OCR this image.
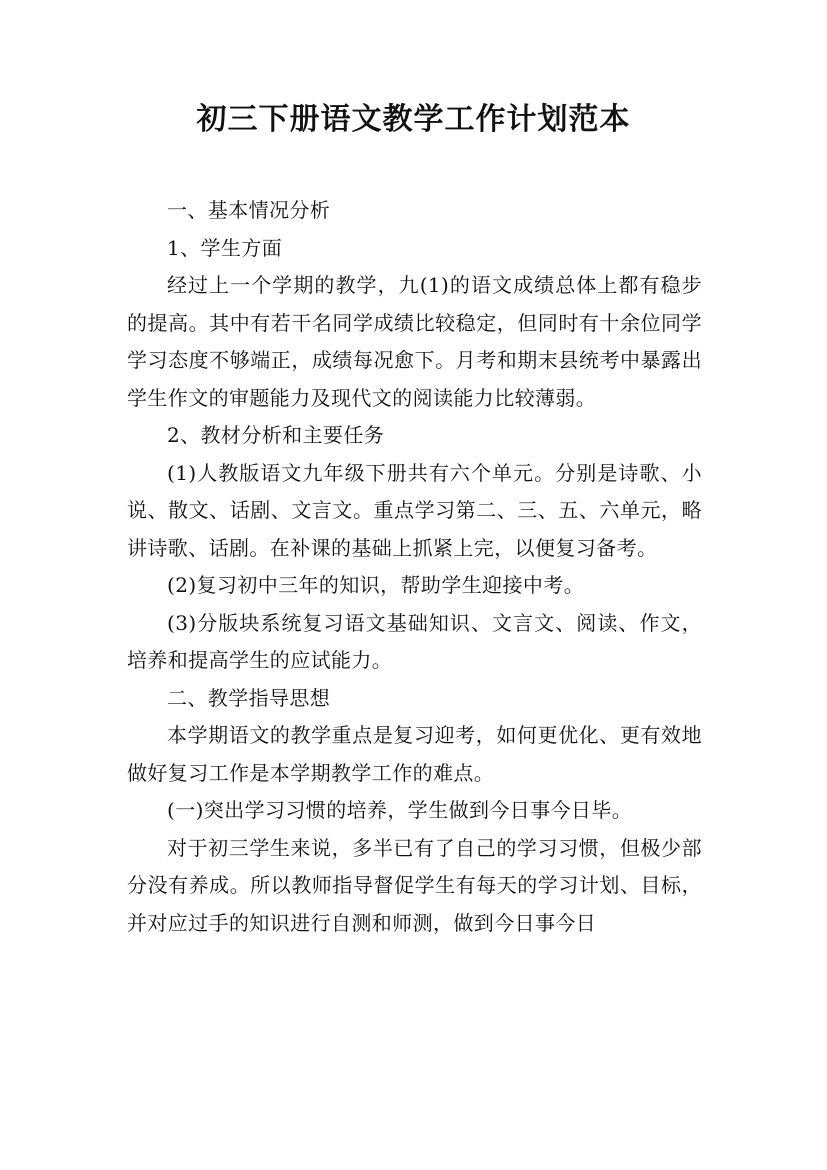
初三下册语文教学工作计划范本

一、基本情况分析

1、学生方面

经过上一个学期的教学，九(1)的语文成绩总体上都有稳步的提高。其中有若干名同学成绩比较稳定，但同时有十余位同学学习态度不够端正，成绩每况愈下。月考和期末县统考中暴露出学生作文的审题能力及现代文的阅读能力比较薄弱。

2、教材分析和主要任务

(1)人教版语文九年级下册共有六个单元。分别是诗歌、小说、散文、话剧、文言文。重点学习第二、三、五、六单元，略讲诗歌、话剧。在补课的基础上抓紧上完，以便复习备考。

(2)复习初中三年的知识，帮助学生迎接中考。

(3)分版块系统复习语文基础知识、文言文、阅读、作文，培养和提高学生的应试能力。

二、教学指导思想

本学期语文的教学重点是复习迎考，如何更优化、更有效地做好复习工作是本学期教学工作的难点。

(一)突出学习习惯的培养，学生做到今日事今日毕。

对于初三学生来说，多半已有了自己的学习习惯，但极少部分没有养成。所以教师指导督促学生有每天的学习计划、目标，并对应过手的知识进行自测和师测，做到今日事今日
